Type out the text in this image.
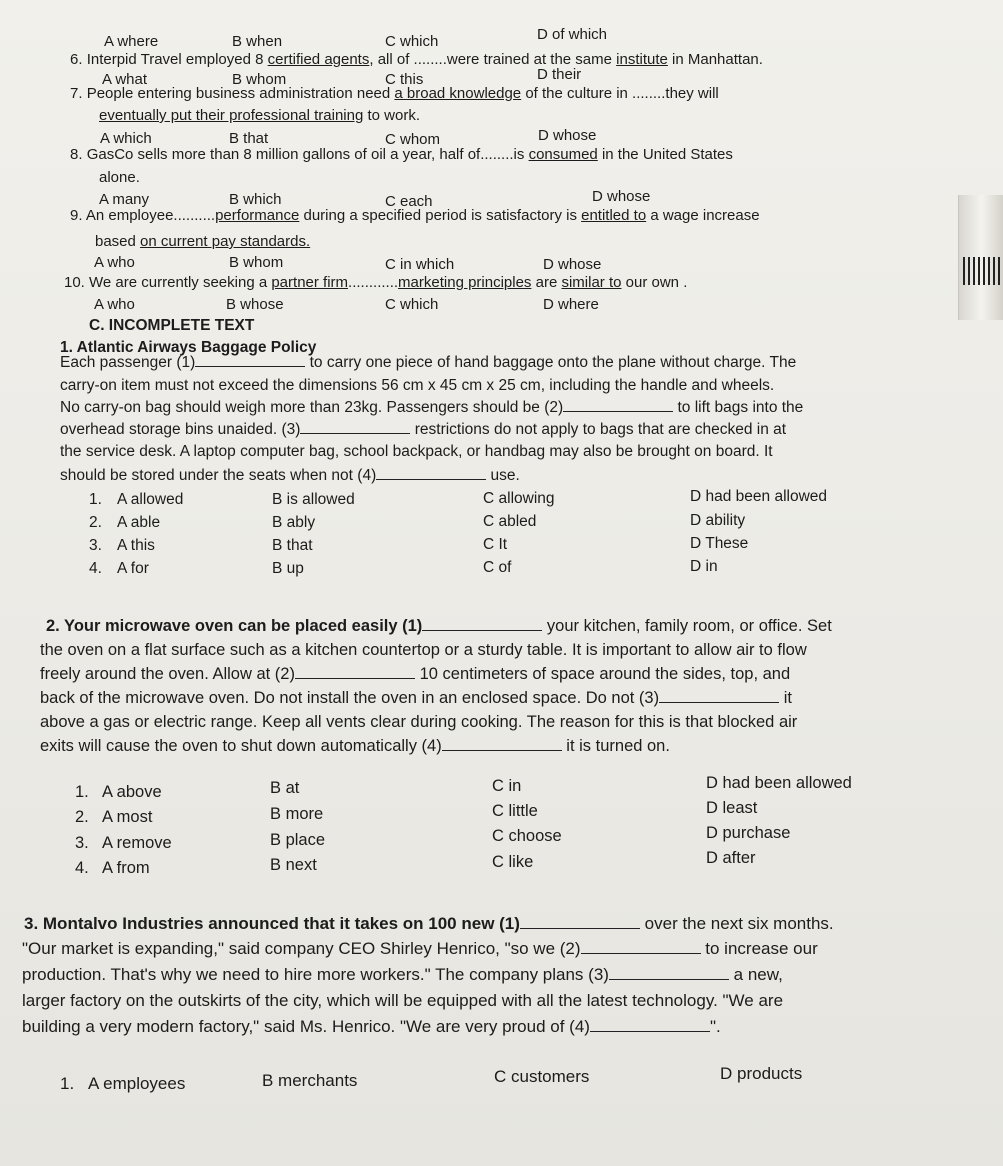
A where	B when	C which	D of which
6. Interpid Travel employed 8 certified agents, all of ........were trained at the same institute in Manhattan.
A what	B whom	C this	D their
7. People entering business administration need a broad knowledge of the culture in ........they will
eventually put their professional training to work.
A which	B that	C whom	D whose
8. GasCo sells more than 8 million gallons of oil a year, half of........is consumed in the United States
alone.
A many	B which	C each	D whose
9. An employee..........performance during a specified period is satisfactory is entitled to a wage increase
based on current pay standards.
A who	B whom	C in which	D whose
10. We are currently seeking a partner firm............marketing principles are similar to our own .
A who	B whose	C which	D where
C. INCOMPLETE TEXT
1. Atlantic Airways Baggage Policy
Each passenger (1)	to carry one piece of hand baggage onto the plane without charge. The
carry-on item must not exceed the dimensions 56 cm x 45 cm x 25 cm, including the handle and wheels.
No carry-on bag should weigh more than 23kg. Passengers should be (2)	to lift bags into the
overhead storage bins unaided. (3)	restrictions do not apply to bags that are checked in at
the service desk. A laptop computer bag, school backpack, or handbag may also be brought on board. It
should be stored under the seats when not (4)	use.
1. A allowed	B is allowed	C allowing	D had been allowed
2. A able	B ably	C abled	D ability
3. A this	B that	C It	D These
4. A for	B up	C of	D in
2. Your microwave oven can be placed easily (1)	your kitchen, family room, or office. Set
the oven on a flat surface such as a kitchen countertop or a sturdy table. It is important to allow air to flow
freely around the oven. Allow at (2)	10 centimeters of space around the sides, top, and
back of the microwave oven. Do not install the oven in an enclosed space. Do not (3)	it
above a gas or electric range. Keep all vents clear during cooking. The reason for this is that blocked air
exits will cause the oven to shut down automatically (4)	it is turned on.
1. A above	B at	C in	D had been allowed
2. A most	B more	C little	D least
3. A remove	B place	C choose	D purchase
4. A from	B next	C like	D after
3. Montalvo Industries announced that it takes on 100 new (1)	over the next six months.
"Our market is expanding," said company CEO Shirley Henrico, "so we (2)	to increase our
production. That's why we need to hire more workers." The company plans (3)	a new,
larger factory on the outskirts of the city, which will be equipped with all the latest technology. "We are
building a very modern factory," said Ms. Henrico. "We are very proud of (4)	".
1. A employees	B merchants	C customers	D products
